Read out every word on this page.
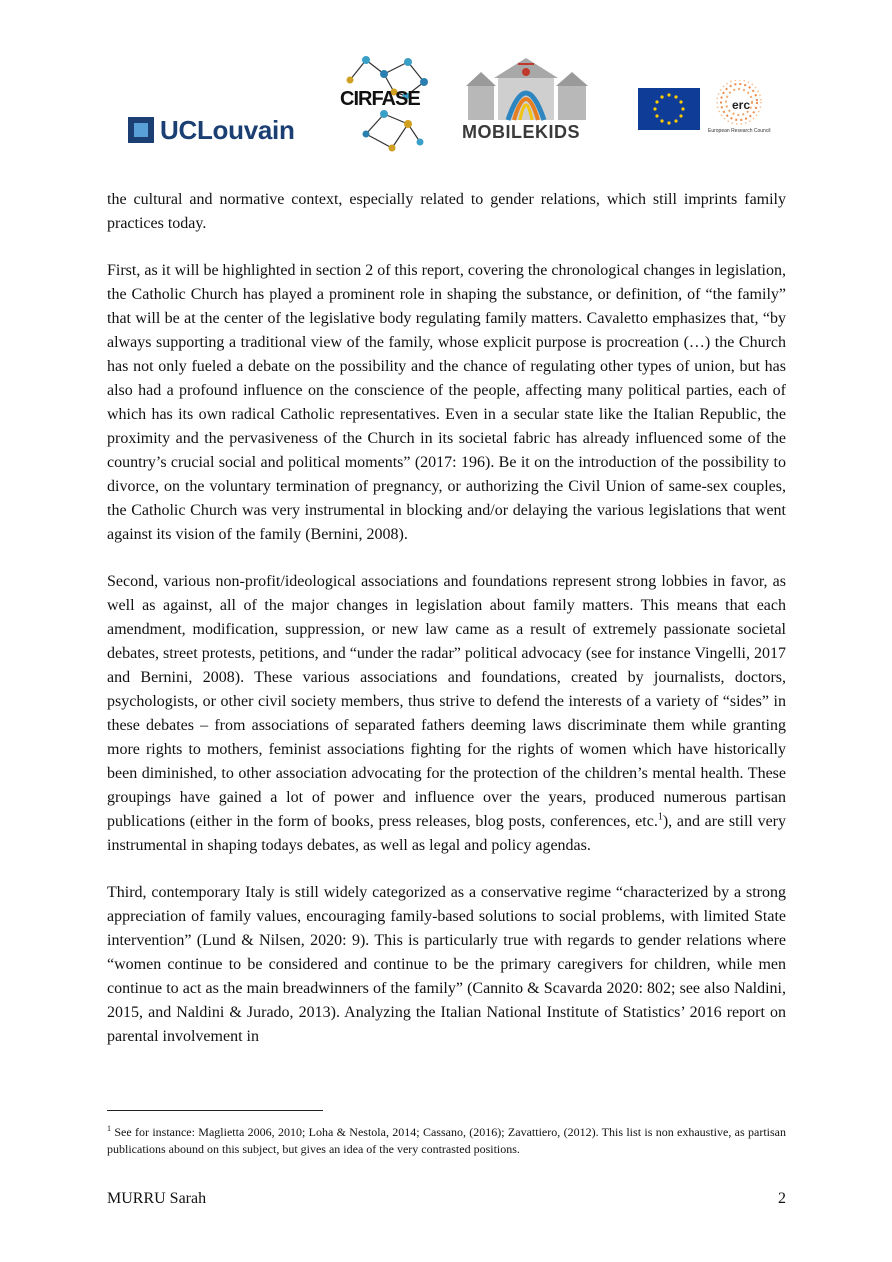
UCLouvain
CIRFASE
MOBILEKIDS
erc
European Research Council

the cultural and normative context, especially related to gender relations, which still imprints family practices today.

First, as it will be highlighted in section 2 of this report, covering the chronological changes in legislation, the Catholic Church has played a prominent role in shaping the substance, or definition, of “the family” that will be at the center of the legislative body regulating family matters. Cavaletto emphasizes that, “by always supporting a traditional view of the family, whose explicit purpose is procreation (…) the Church has not only fueled a debate on the possibility and the chance of regulating other types of union, but has also had a profound influence on the conscience of the people, affecting many political parties, each of which has its own radical Catholic representatives. Even in a secular state like the Italian Republic, the proximity and the pervasiveness of the Church in its societal fabric has already influenced some of the country’s crucial social and political moments” (2017: 196). Be it on the introduction of the possibility to divorce, on the voluntary termination of pregnancy, or authorizing the Civil Union of same-sex couples, the Catholic Church was very instrumental in blocking and/or delaying the various legislations that went against its vision of the family (Bernini, 2008).

Second, various non-profit/ideological associations and foundations represent strong lobbies in favor, as well as against, all of the major changes in legislation about family matters. This means that each amendment, modification, suppression, or new law came as a result of extremely passionate societal debates, street protests, petitions, and “under the radar” political advocacy (see for instance Vingelli, 2017 and Bernini, 2008). These various associations and foundations, created by journalists, doctors, psychologists, or other civil society members, thus strive to defend the interests of a variety of “sides” in these debates – from associations of separated fathers deeming laws discriminate them while granting more rights to mothers, feminist associations fighting for the rights of women which have historically been diminished, to other association advocating for the protection of the children’s mental health. These groupings have gained a lot of power and influence over the years, produced numerous partisan publications (either in the form of books, press releases, blog posts, conferences, etc.$^1$), and are still very instrumental in shaping todays debates, as well as legal and policy agendas.

Third, contemporary Italy is still widely categorized as a conservative regime “characterized by a strong appreciation of family values, encouraging family-based solutions to social problems, with limited State intervention” (Lund & Nilsen, 2020: 9). This is particularly true with regards to gender relations where “women continue to be considered and continue to be the primary caregivers for children, while men continue to act as the main breadwinners of the family” (Cannito & Scavarda 2020: 802; see also Naldini, 2015, and Naldini & Jurado, 2013). Analyzing the Italian National Institute of Statistics’ 2016 report on parental involvement in

$^1$ See for instance: Maglietta 2006, 2010; Loha & Nestola, 2014; Cassano, (2016); Zavattiero, (2012). This list is non exhaustive, as partisan publications abound on this subject, but gives an idea of the very contrasted positions.
MURRU Sarah	2
